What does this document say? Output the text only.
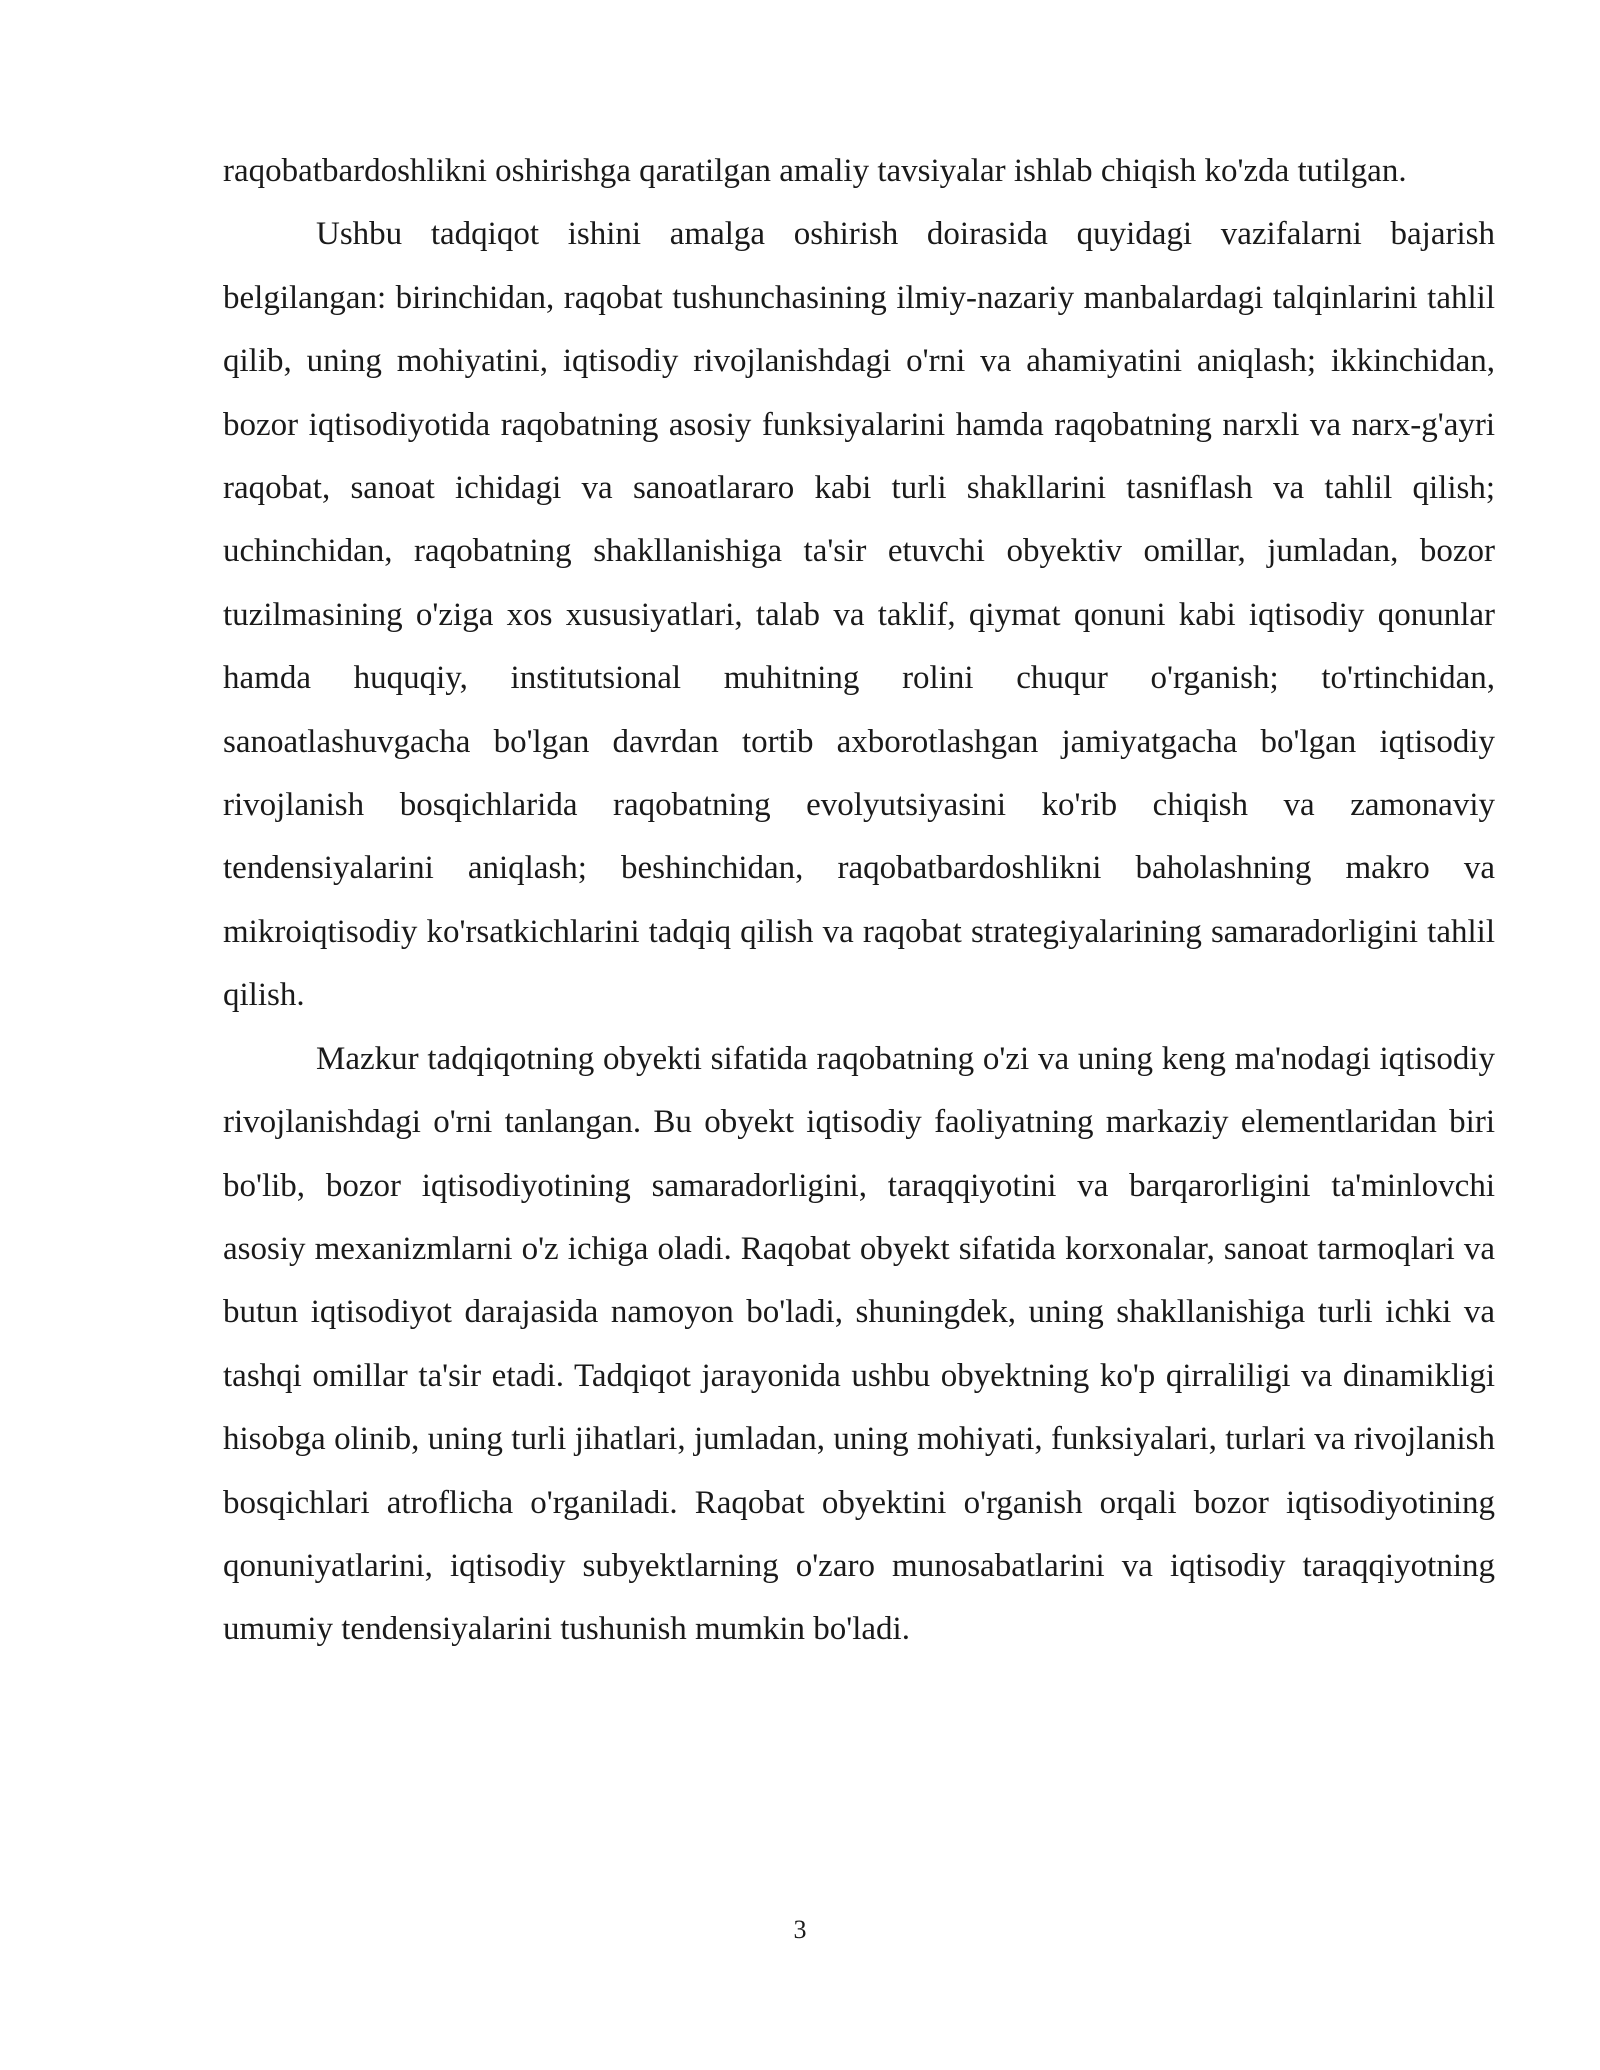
raqobatbardoshlikni oshirishga qaratilgan amaliy tavsiyalar ishlab chiqish ko'zda tutilgan.

Ushbu tadqiqot ishini amalga oshirish doirasida quyidagi vazifalarni bajarish belgilangan: birinchidan, raqobat tushunchasining ilmiy-nazariy manbalardagi talqinlarini tahlil qilib, uning mohiyatini, iqtisodiy rivojlanishdagi o'rni va ahamiyatini aniqlash; ikkinchidan, bozor iqtisodiyotida raqobatning asosiy funksiyalarini hamda raqobatning narxli va narx-g'ayri raqobat, sanoat ichidagi va sanoatlararo kabi turli shakllarini tasniflash va tahlil qilish; uchinchidan, raqobatning shakllanishiga ta'sir etuvchi obyektiv omillar, jumladan, bozor tuzilmasining o'ziga xos xususiyatlari, talab va taklif, qiymat qonuni kabi iqtisodiy qonunlar hamda huquqiy, institutsional muhitning rolini chuqur o'rganish; to'rtinchidan, sanoatlashuvgacha bo'lgan davrdan tortib axborotlashgan jamiyatgacha bo'lgan iqtisodiy rivojlanish bosqichlarida raqobatning evolyutsiyasini ko'rib chiqish va zamonaviy tendensiyalarini aniqlash; beshinchidan, raqobatbardoshlikni baholashning makro va mikroiqtisodiy ko'rsatkichlarini tadqiq qilish va raqobat strategiyalarining samaradorligini tahlil qilish.

Mazkur tadqiqotning obyekti sifatida raqobatning o'zi va uning keng ma'nodagi iqtisodiy rivojlanishdagi o'rni tanlangan. Bu obyekt iqtisodiy faoliyatning markaziy elementlaridan biri bo'lib, bozor iqtisodiyotining samaradorligini, taraqqiyotini va barqarorligini ta'minlovchi asosiy mexanizmlarni o'z ichiga oladi. Raqobat obyekt sifatida korxonalar, sanoat tarmoqlari va butun iqtisodiyot darajasida namoyon bo'ladi, shuningdek, uning shakllanishiga turli ichki va tashqi omillar ta'sir etadi. Tadqiqot jarayonida ushbu obyektning ko'p qirraliligi va dinamikligi hisobga olinib, uning turli jihatlari, jumladan, uning mohiyati, funksiyalari, turlari va rivojlanish bosqichlari atroflicha o'rganiladi. Raqobat obyektini o'rganish orqali bozor iqtisodiyotining qonuniyatlarini, iqtisodiy subyektlarning o'zaro munosabatlarini va iqtisodiy taraqqiyotning umumiy tendensiyalarini tushunish mumkin bo'ladi.

3
